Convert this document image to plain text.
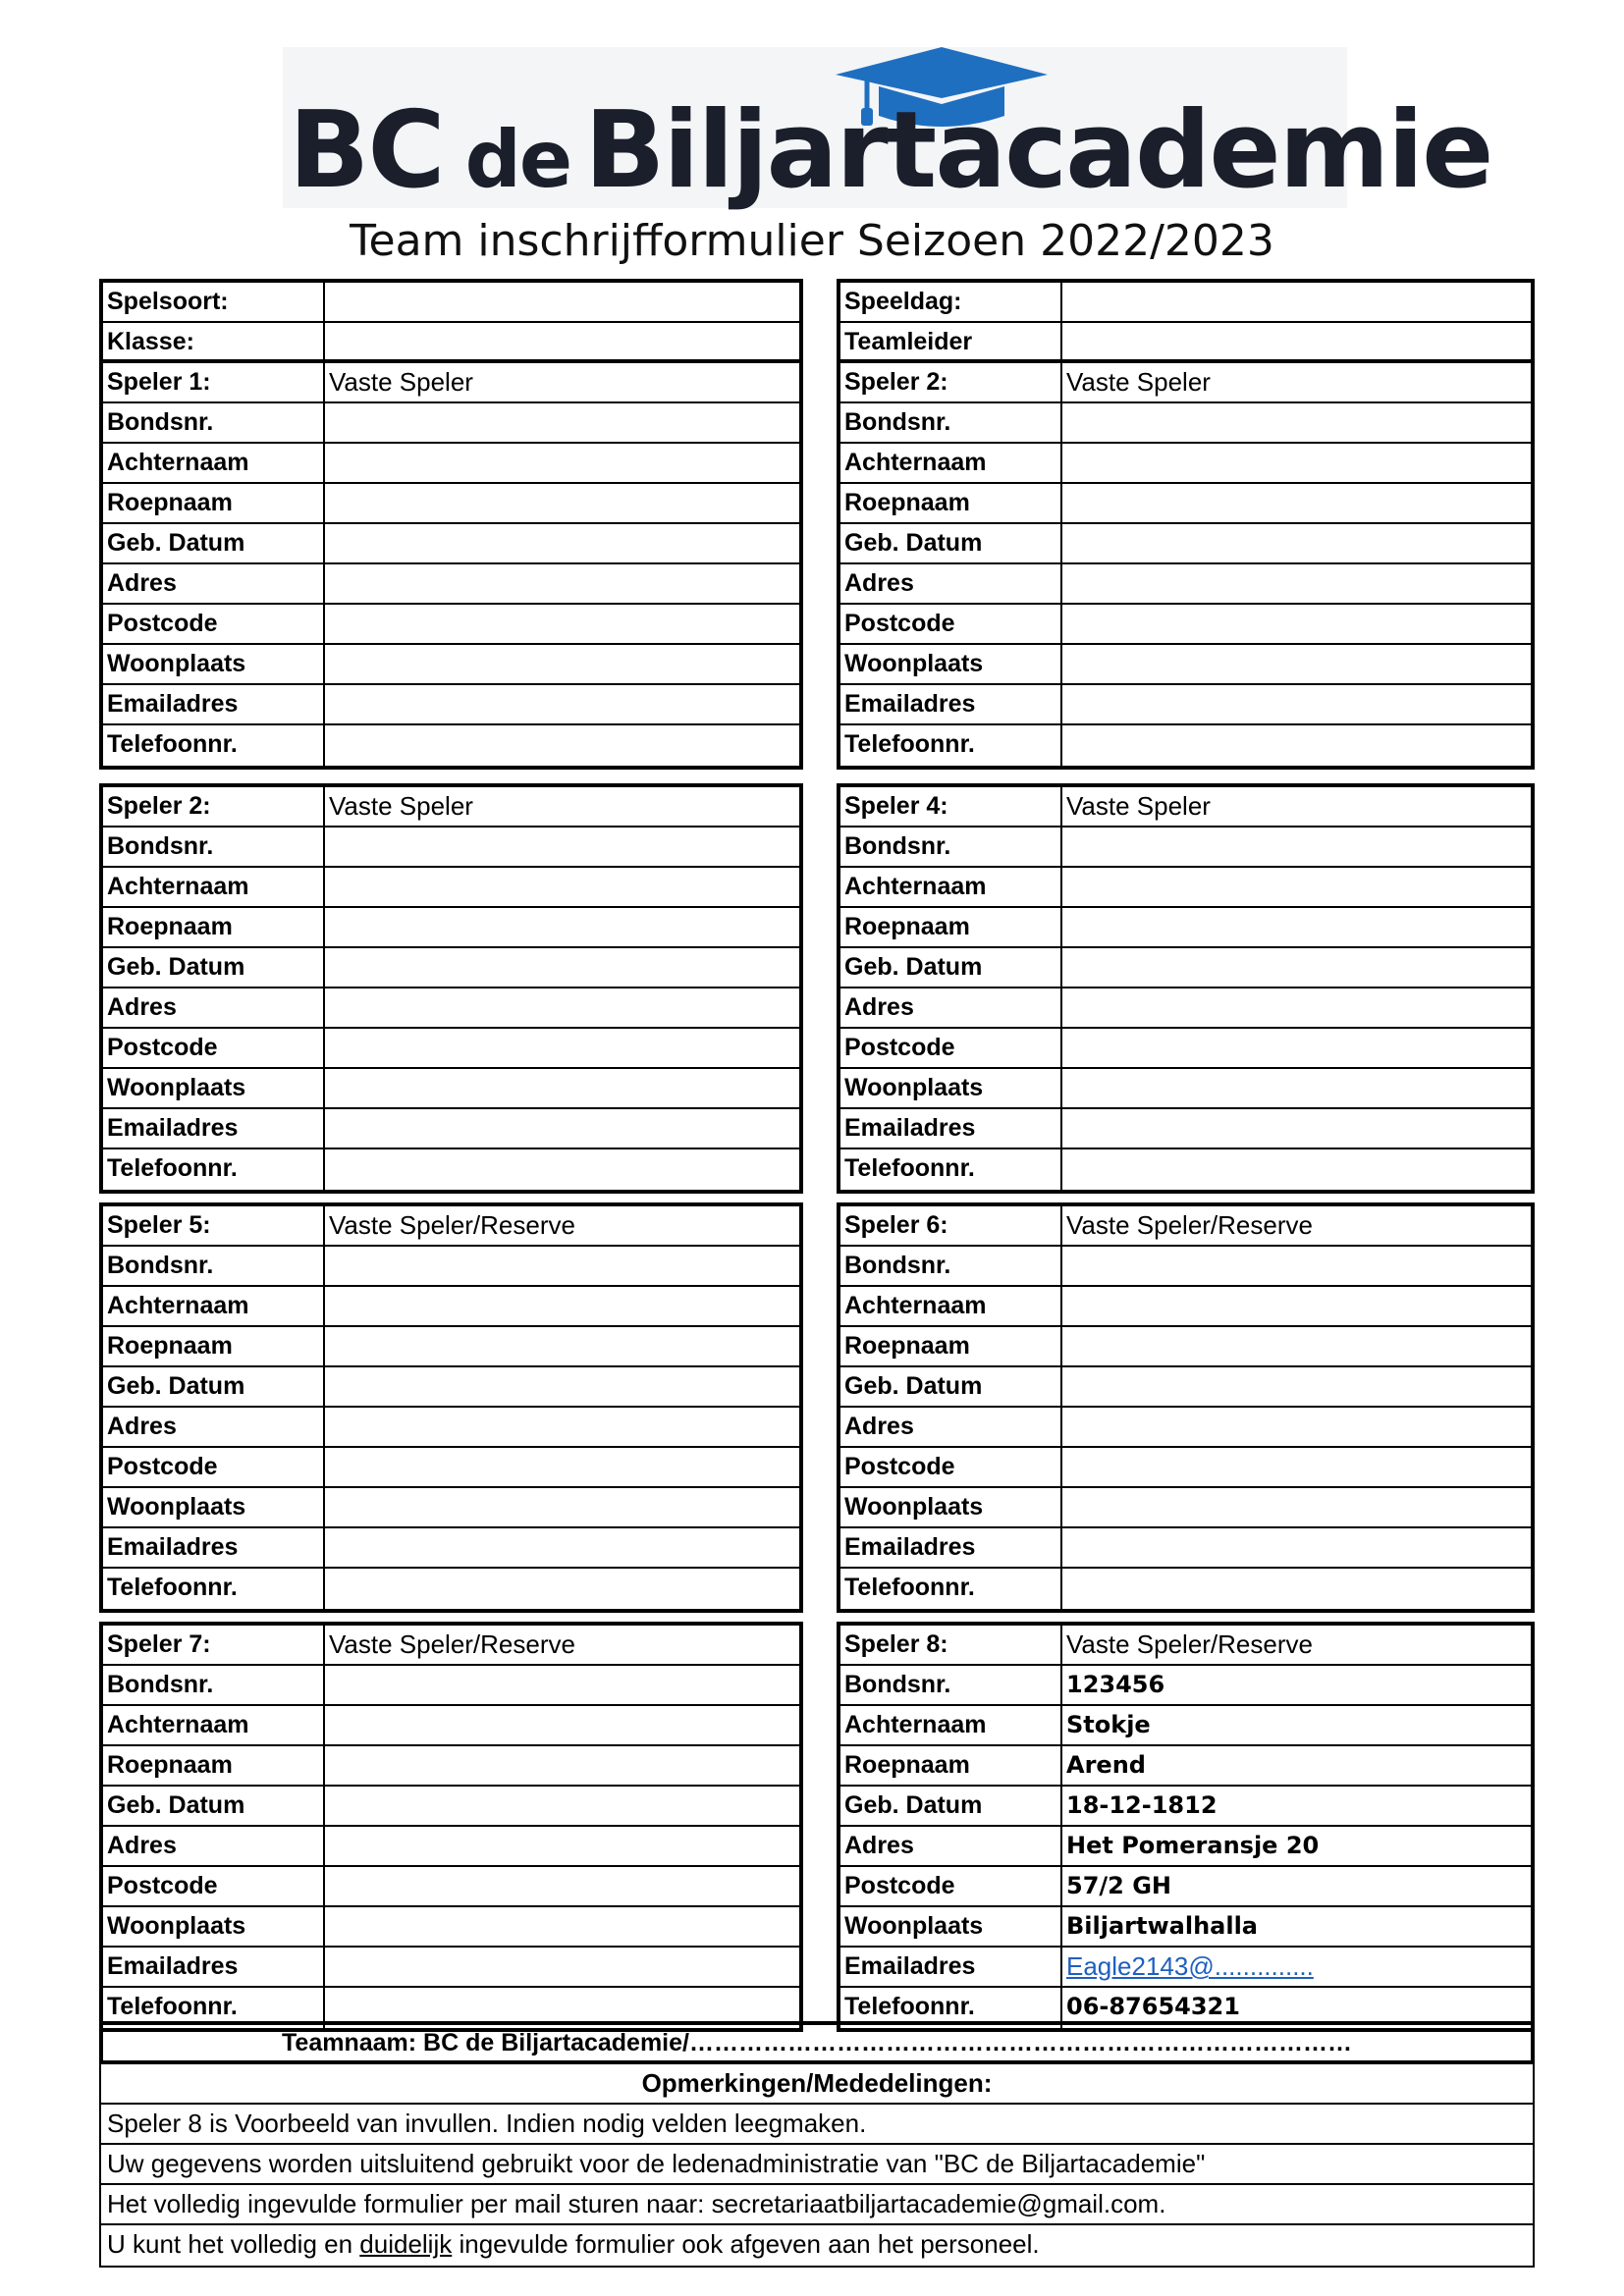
BC de Biljartacademie
Team inschrijfformulier Seizoen 2022/2023
Spelsoort:
Klasse:
Speler 1:	Vaste Speler
Bondsnr.
Achternaam
Roepnaam
Geb. Datum
Adres
Postcode
Woonplaats
Emailadres
Telefoonnr.
Speeldag:
Teamleider
Speler 2:	Vaste Speler
Bondsnr.
Achternaam
Roepnaam
Geb. Datum
Adres
Postcode
Woonplaats
Emailadres
Telefoonnr.
Speler 2:	Vaste Speler
Bondsnr.
Achternaam
Roepnaam
Geb. Datum
Adres
Postcode
Woonplaats
Emailadres
Telefoonnr.
Speler 4:	Vaste Speler
Bondsnr.
Achternaam
Roepnaam
Geb. Datum
Adres
Postcode
Woonplaats
Emailadres
Telefoonnr.
Speler 5:	Vaste Speler/Reserve
Bondsnr.
Achternaam
Roepnaam
Geb. Datum
Adres
Postcode
Woonplaats
Emailadres
Telefoonnr.
Speler 6:	Vaste Speler/Reserve
Bondsnr.
Achternaam
Roepnaam
Geb. Datum
Adres
Postcode
Woonplaats
Emailadres
Telefoonnr.
Speler 7:	Vaste Speler/Reserve
Bondsnr.
Achternaam
Roepnaam
Geb. Datum
Adres
Postcode
Woonplaats
Emailadres
Telefoonnr.
Speler 8:	Vaste Speler/Reserve
Bondsnr.	123456
Achternaam	Stokje
Roepnaam	Arend
Geb. Datum	18-12-1812
Adres	Het Pomeransje 20
Postcode	57/2 GH
Woonplaats	Biljartwalhalla
Emailadres	Eagle2143@..............
Telefoonnr.	06-87654321
Teamnaam: BC de Biljartacademie/………………………………………………………………………
Opmerkingen/Mededelingen:
Speler 8 is Voorbeeld van invullen. Indien nodig velden leegmaken.
Uw gegevens worden uitsluitend gebruikt voor de ledenadministratie van "BC de Biljartacademie"
Het volledig ingevulde formulier per mail sturen naar: secretariaatbiljartacademie@gmail.com.
U kunt het volledig en duidelijk ingevulde formulier ook afgeven aan het personeel.
